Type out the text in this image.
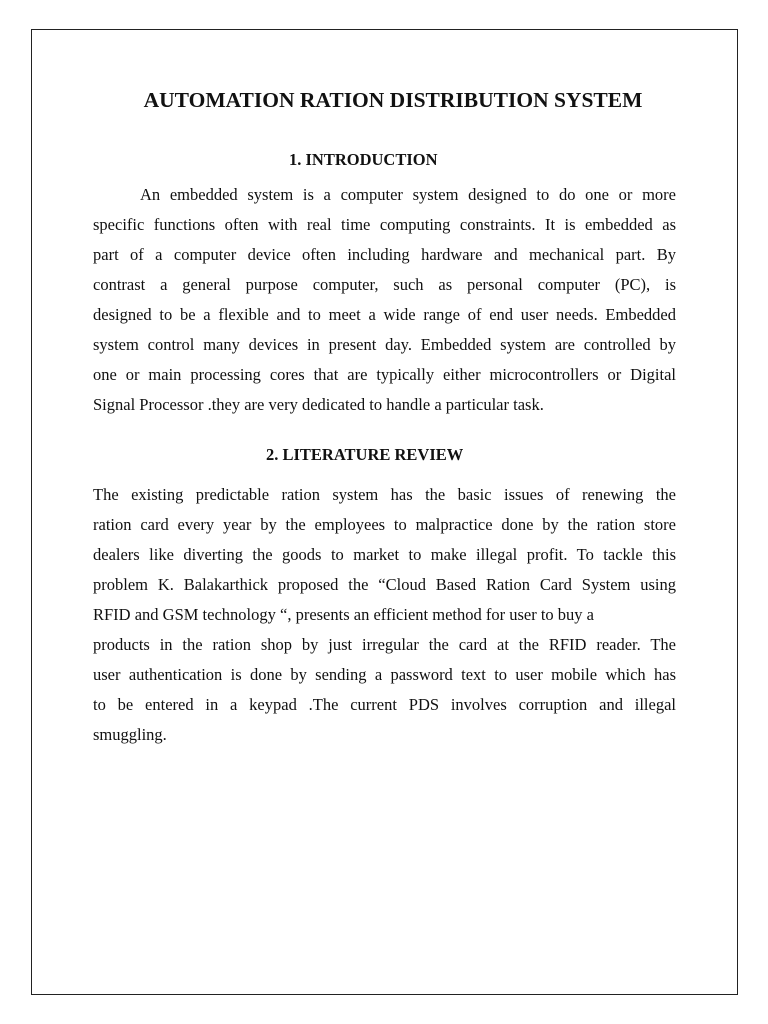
AUTOMATION RATION DISTRIBUTION SYSTEM
1. INTRODUCTION
An embedded system is a computer system designed to do one or more
specific functions often with real time computing constraints. It is embedded as
part of a computer device often including hardware and mechanical part. By
contrast a general purpose computer, such as personal computer (PC), is
designed to be a flexible and to meet a wide range of end user needs. Embedded
system control many devices in present day. Embedded system are controlled by
one or main processing cores that are typically either microcontrollers or Digital
Signal Processor .they are very dedicated to handle a particular task.
2. LITERATURE REVIEW
The existing predictable ration system has the basic issues of renewing the
ration card every year by the employees to malpractice done by the ration store
dealers like diverting the goods to market to make illegal profit. To tackle this
problem K. Balakarthick proposed the “Cloud Based Ration Card System using
RFID and GSM technology “, presents an efficient method for user to buy a
products in the ration shop by just irregular the card at the RFID reader. The
user authentication is done by sending a password text to user mobile which has
to be entered in a keypad .The current PDS involves corruption and illegal
smuggling.
